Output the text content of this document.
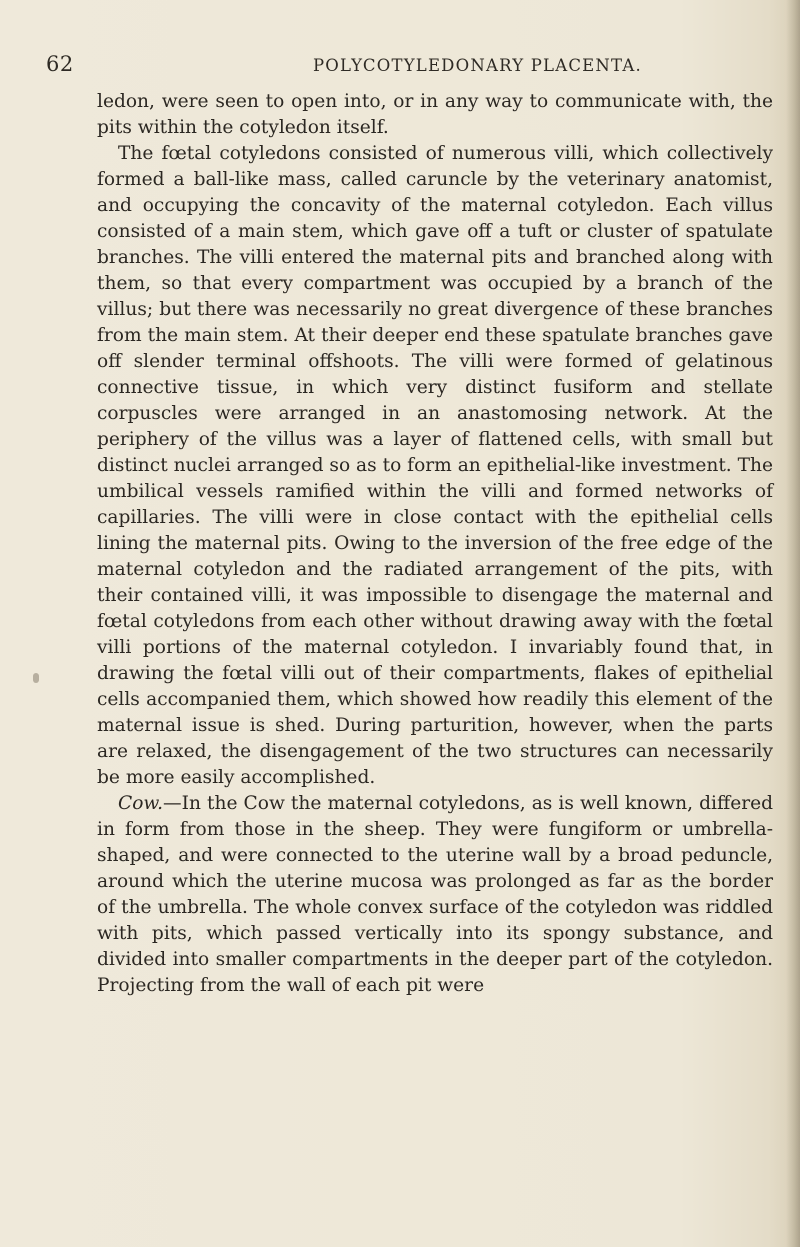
62	POLYCOTYLEDONARY PLACENTA.

ledon, were seen to open into, or in any way to communicate with, the pits within the cotyledon itself.

The fœtal cotyledons consisted of numerous villi, which collectively formed a ball-like mass, called caruncle by the veterinary anatomist, and occupying the concavity of the maternal cotyledon. Each villus consisted of a main stem, which gave off a tuft or cluster of spatulate branches. The villi entered the maternal pits and branched along with them, so that every compartment was occupied by a branch of the villus; but there was necessarily no great divergence of these branches from the main stem. At their deeper end these spatulate branches gave off slender terminal offshoots. The villi were formed of gelatinous connective tissue, in which very distinct fusiform and stellate corpuscles were arranged in an anastomosing network. At the periphery of the villus was a layer of flattened cells, with small but distinct nuclei arranged so as to form an epithelial-like investment. The umbilical vessels ramified within the villi and formed networks of capillaries. The villi were in close contact with the epithelial cells lining the maternal pits. Owing to the inversion of the free edge of the maternal cotyledon and the radiated arrangement of the pits, with their contained villi, it was impossible to disengage the maternal and fœtal cotyledons from each other without drawing away with the fœtal villi portions of the maternal cotyledon. I invariably found that, in drawing the fœtal villi out of their compartments, flakes of epithelial cells accompanied them, which showed how readily this element of the maternal issue is shed. During parturition, however, when the parts are relaxed, the disengagement of the two structures can necessarily be more easily accomplished.

Cow.—In the Cow the maternal cotyledons, as is well known, differed in form from those in the sheep. They were fungiform or umbrella-shaped, and were connected to the uterine wall by a broad peduncle, around which the uterine mucosa was prolonged as far as the border of the umbrella. The whole convex surface of the cotyledon was riddled with pits, which passed vertically into its spongy substance, and divided into smaller compartments in the deeper part of the cotyledon. Projecting from the wall of each pit were
